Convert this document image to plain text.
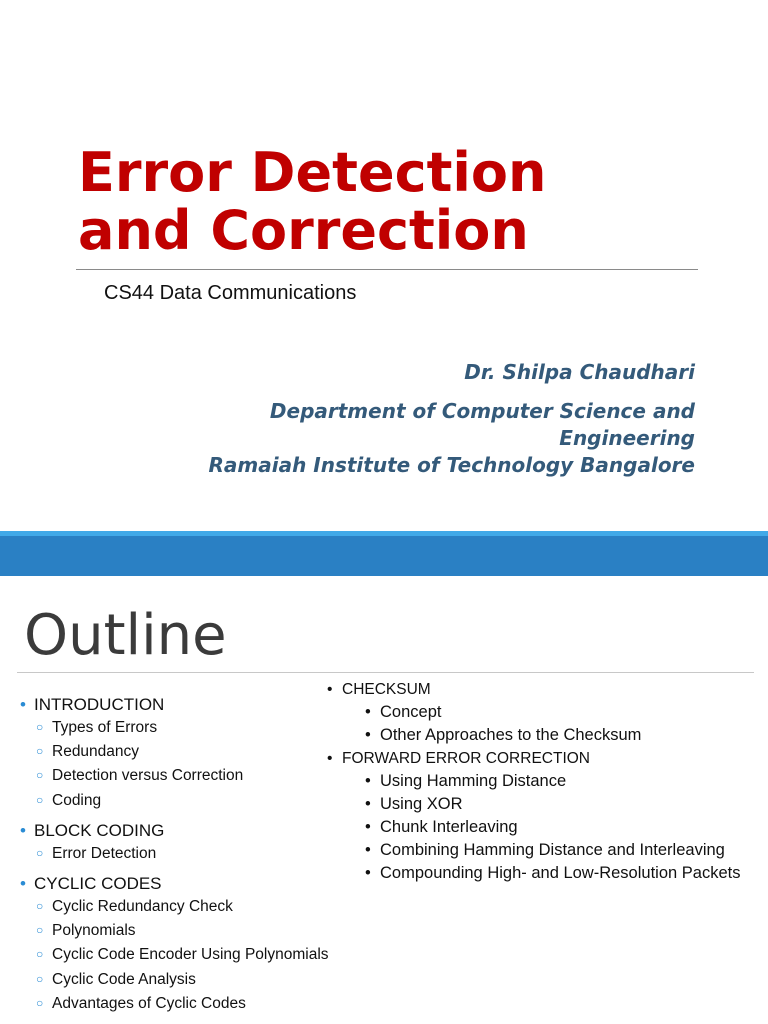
Error Detection
and Correction
CS44 Data Communications
Dr. Shilpa Chaudhari
Department of Computer Science and
Engineering
Ramaiah Institute of Technology Bangalore
Outline
• INTRODUCTION
○ Types of Errors
○ Redundancy
○ Detection versus Correction
○ Coding
• BLOCK CODING
○ Error Detection
• CYCLIC CODES
○ Cyclic Redundancy Check
○ Polynomials
○ Cyclic Code Encoder Using Polynomials
○ Cyclic Code Analysis
○ Advantages of Cyclic Codes
• CHECKSUM
• Concept
• Other Approaches to the Checksum
• FORWARD ERROR CORRECTION
• Using Hamming Distance
• Using XOR
• Chunk Interleaving
• Combining Hamming Distance and Interleaving
• Compounding High- and Low-Resolution Packets
